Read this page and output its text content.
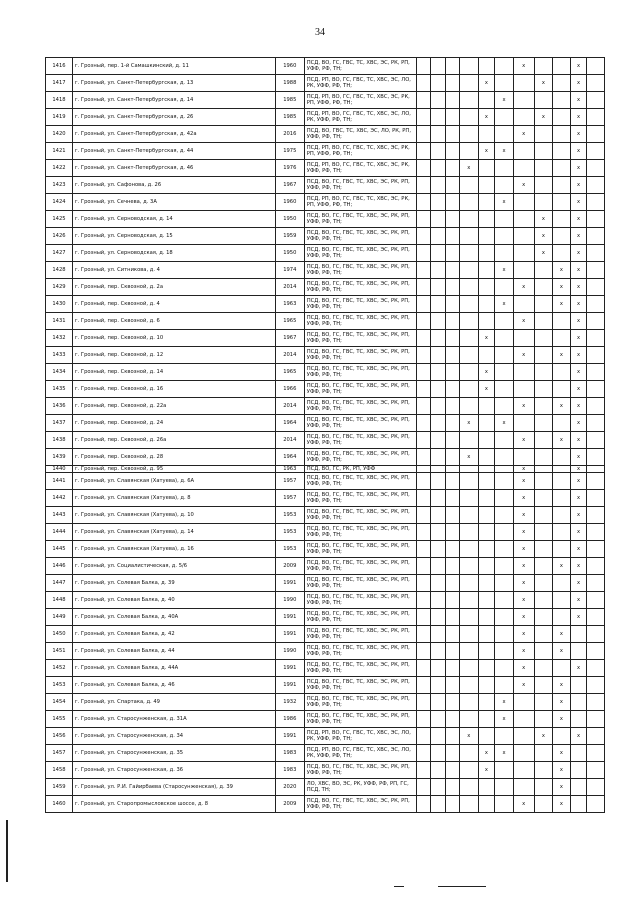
34
1416	г. Грозный, пер. 1-й Самашкинский, д. 11	1960	ПСД, ВО, ГС, ГВС, ТС, ХВС, ЭС, РК, РП, УФФ, РФ, ТН;							x			x	
1417	г. Грозный, ул. Санкт-Петербургская, д. 13	1988	ПСД, РП, ВО, ГС, ГВС, ТС, ХВС, ЭС, ЛО, РК, УФФ, РФ, ТН;					x			x		x	
1418	г. Грозный, ул. Санкт-Петербургская, д. 14	1985	ПСД, РП, ВО, ГС, ГВС, ТС, ХВС, ЭС, РК, РП, УФФ, РФ, ТН;						x				x	
1419	г. Грозный, ул. Санкт-Петербургская, д. 26	1985	ПСД, РП, ВО, ГС, ГВС, ТС, ХВС, ЭС, ЛО, РК, УФФ, РФ, ТН;					x			x		x	
1420	г. Грозный, ул. Санкт-Петербургская, д. 42а	2016	ПСД, ВО, ГВС, ТС, ХВС, ЭС, ЛО, РК, РП, УФФ, РФ, ТН;							x			x	
1421	г. Грозный, ул. Санкт-Петербургская, д. 44	1975	ПСД, РП, ВО, ГС, ГВС, ТС, ХВС, ЭС, РК, РП, УФФ, РФ, ТН;					x	x				x	
1422	г. Грозный, ул. Санкт-Петербургская, д. 46	1976	ПСД, РП, ВО, ГС, ГВС, ТС, ХВС, ЭС, РК, УФФ, РФ, ТН;				x						x	
1423	г. Грозный, ул. Сафонова, д. 26	1967	ПСД, ВО, ГС, ГВС, ТС, ХВС, ЭС, РК, РП, УФФ, РФ, ТН;							x			x	
1424	г. Грозный, ул. Сечнева, д. 3А	1960	ПСД, РП, ВО, ГС, ГВС, ТС, ХВС, ЭС, РК, РП, УФФ, РФ, ТН;						x				x	
1425	г. Грозный, ул. Серноводская, д. 14	1950	ПСД, ВО, ГС, ГВС, ТС, ХВС, ЭС, РК, РП, УФФ, РФ, ТН;								x		x	
1426	г. Грозный, ул. Серноводская, д. 15	1959	ПСД, ВО, ГС, ГВС, ТС, ХВС, ЭС, РК, РП, УФФ, РФ, ТН;								x		x	
1427	г. Грозный, ул. Серноводская, д. 18	1950	ПСД, ВО, ГС, ГВС, ТС, ХВС, ЭС, РК, РП, УФФ, РФ, ТН;								x		x	
1428	г. Грозный, ул. Ситникова, д. 4	1974	ПСД, ВО, ГС, ГВС, ТС, ХВС, ЭС, РК, РП, УФФ, РФ, ТН;						x			x	x	
1429	г. Грозный, пер. Сквозной, д. 2а	2014	ПСД, ВО, ГС, ГВС, ТС, ХВС, ЭС, РК, РП, УФФ, РФ, ТН;							x		x	x	
1430	г. Грозный, пер. Сквозной, д. 4	1963	ПСД, ВО, ГС, ГВС, ТС, ХВС, ЭС, РК, РП, УФФ, РФ, ТН;						x			x	x	
1431	г. Грозный, пер. Сквозной, д. 6	1965	ПСД, ВО, ГС, ГВС, ТС, ХВС, ЭС, РК, РП, УФФ, РФ, ТН;							x			x	
1432	г. Грозный, пер. Сквозной, д. 10	1967	ПСД, ВО, ГС, ГВС, ТС, ХВС, ЭС, РК, РП, УФФ, РФ, ТН;					x					x	
1433	г. Грозный, пер. Сквозной, д. 12	2014	ПСД, ВО, ГС, ГВС, ТС, ХВС, ЭС, РК, РП, УФФ, РФ, ТН;							x		x	x	
1434	г. Грозный, пер. Сквозной, д. 14	1965	ПСД, ВО, ГС, ГВС, ТС, ХВС, ЭС, РК, РП, УФФ, РФ, ТН;					x					x	
1435	г. Грозный, пер. Сквозной, д. 16	1966	ПСД, ВО, ГС, ГВС, ТС, ХВС, ЭС, РК, РП, УФФ, РФ, ТН;					x					x	
1436	г. Грозный, пер. Сквозной, д. 22а	2014	ПСД, ВО, ГС, ГВС, ТС, ХВС, ЭС, РК, РП, УФФ, РФ, ТН;							x		x	x	
1437	г. Грозный, пер. Сквозной, д. 24	1964	ПСД, ВО, ГС, ГВС, ТС, ХВС, ЭС, РК, РП, УФФ, РФ, ТН;				x		x				x	
1438	г. Грозный, пер. Сквозной, д. 26а	2014	ПСД, ВО, ГС, ГВС, ТС, ХВС, ЭС, РК, РП, УФФ, РФ, ТН;							x		x	x	
1439	г. Грозный, пер. Сквозной, д. 28	1964	ПСД, ВО, ГС, ГВС, ТС, ХВС, ЭС, РК, РП, УФФ, РФ, ТН;				x						x	
1440	г. Грозный, пер. Сквозной, д. 95	1963	ПСД, ВО, ГС, РК, РП, УФФ							x			x	
1441	г. Грозный, ул. Славянская (Хатуева), д. 6А	1957	ПСД, ВО, ГС, ГВС, ТС, ХВС, ЭС, РК, РП, УФФ, РФ, ТН;							x			x	
1442	г. Грозный, ул. Славянская (Хатуева), д. 8	1957	ПСД, ВО, ГС, ГВС, ТС, ХВС, ЭС, РК, РП, УФФ, РФ, ТН;							x			x	
1443	г. Грозный, ул. Славянская (Хатуева), д. 10	1953	ПСД, ВО, ГС, ГВС, ТС, ХВС, ЭС, РК, РП, УФФ, РФ, ТН;							x			x	
1444	г. Грозный, ул. Славянская (Хатуева), д. 14	1953	ПСД, ВО, ГС, ГВС, ТС, ХВС, ЭС, РК, РП, УФФ, РФ, ТН;							x			x	
1445	г. Грозный, ул. Славянская (Хатуева), д. 16	1953	ПСД, ВО, ГС, ГВС, ТС, ХВС, ЭС, РК, РП, УФФ, РФ, ТН;							x			x	
1446	г. Грозный, ул. Социалистическая, д. 5/6	2009	ПСД, ВО, ГС, ГВС, ТС, ХВС, ЭС, РК, РП, УФФ, РФ, ТН;							x		x	x	
1447	г. Грозный, ул. Солевая Балка, д. 39	1991	ПСД, ВО, ГС, ГВС, ТС, ХВС, ЭС, РК, РП, УФФ, РФ, ТН;							x			x	
1448	г. Грозный, ул. Солевая Балка, д. 40	1990	ПСД, ВО, ГС, ГВС, ТС, ХВС, ЭС, РК, РП, УФФ, РФ, ТН;							x			x	
1449	г. Грозный, ул. Солевая Балка, д. 40А	1991	ПСД, ВО, ГС, ГВС, ТС, ХВС, ЭС, РК, РП, УФФ, РФ, ТН;							x			x	
1450	г. Грозный, ул. Солевая Балка, д. 42	1991	ПСД, ВО, ГС, ГВС, ТС, ХВС, ЭС, РК, РП, УФФ, РФ, ТН;							x		x		
1451	г. Грозный, ул. Солевая Балка, д. 44	1990	ПСД, ВО, ГС, ГВС, ТС, ХВС, ЭС, РК, РП, УФФ, РФ, ТН;							x		x		
1452	г. Грозный, ул. Солевая Балка, д. 44А	1991	ПСД, ВО, ГС, ГВС, ТС, ХВС, ЭС, РК, РП, УФФ, РФ, ТН;							x			x	
1453	г. Грозный, ул. Солевая Балка, д. 46	1991	ПСД, ВО, ГС, ГВС, ТС, ХВС, ЭС, РК, РП, УФФ, РФ, ТН;							x		x		
1454	г. Грозный, ул. Спартака, д. 49	1932	ПСД, ВО, ГС, ГВС, ТС, ХВС, ЭС, РК, РП, УФФ, РФ, ТН;						x			x		
1455	г. Грозный, ул. Старосунженская, д. 31А	1986	ПСД, ВО, ГС, ГВС, ТС, ХВС, ЭС, РК, РП, УФФ, РФ, ТН;						x			x		
1456	г. Грозный, ул. Старосунженская, д. 34	1991	ПСД, РП, ВО, ГС, ГВС, ТС, ХВС, ЭС, ЛО, РК, УФФ, РФ, ТН;				x				x		x	
1457	г. Грозный, ул. Старосунженская, д. 35	1983	ПСД, РП, ВО, ГС, ГВС, ТС, ХВС, ЭС, ЛО, РК, УФФ, РФ, ТН;					x	x			x		
1458	г. Грозный, ул. Старосунженская, д. 36	1983	ПСД, ВО, ГС, ГВС, ТС, ХВС, ЭС, РК, РП, УФФ, РФ, ТН;					x				x		
1459	г. Грозный, ул. Р.И. Гайирбаева (Старосунженская), д. 39	2020	ЛО, ХВС, ВО, ЭС, РК, УФФ, РФ, РП, ГС, ПСД, ТН;									x		
1460	г. Грозный, ул. Старопромысловское шоссе, д. 8	2009	ПСД, ВО, ГС, ГВС, ТС, ХВС, ЭС, РК, РП, УФФ, РФ, ТН;							x		x		
